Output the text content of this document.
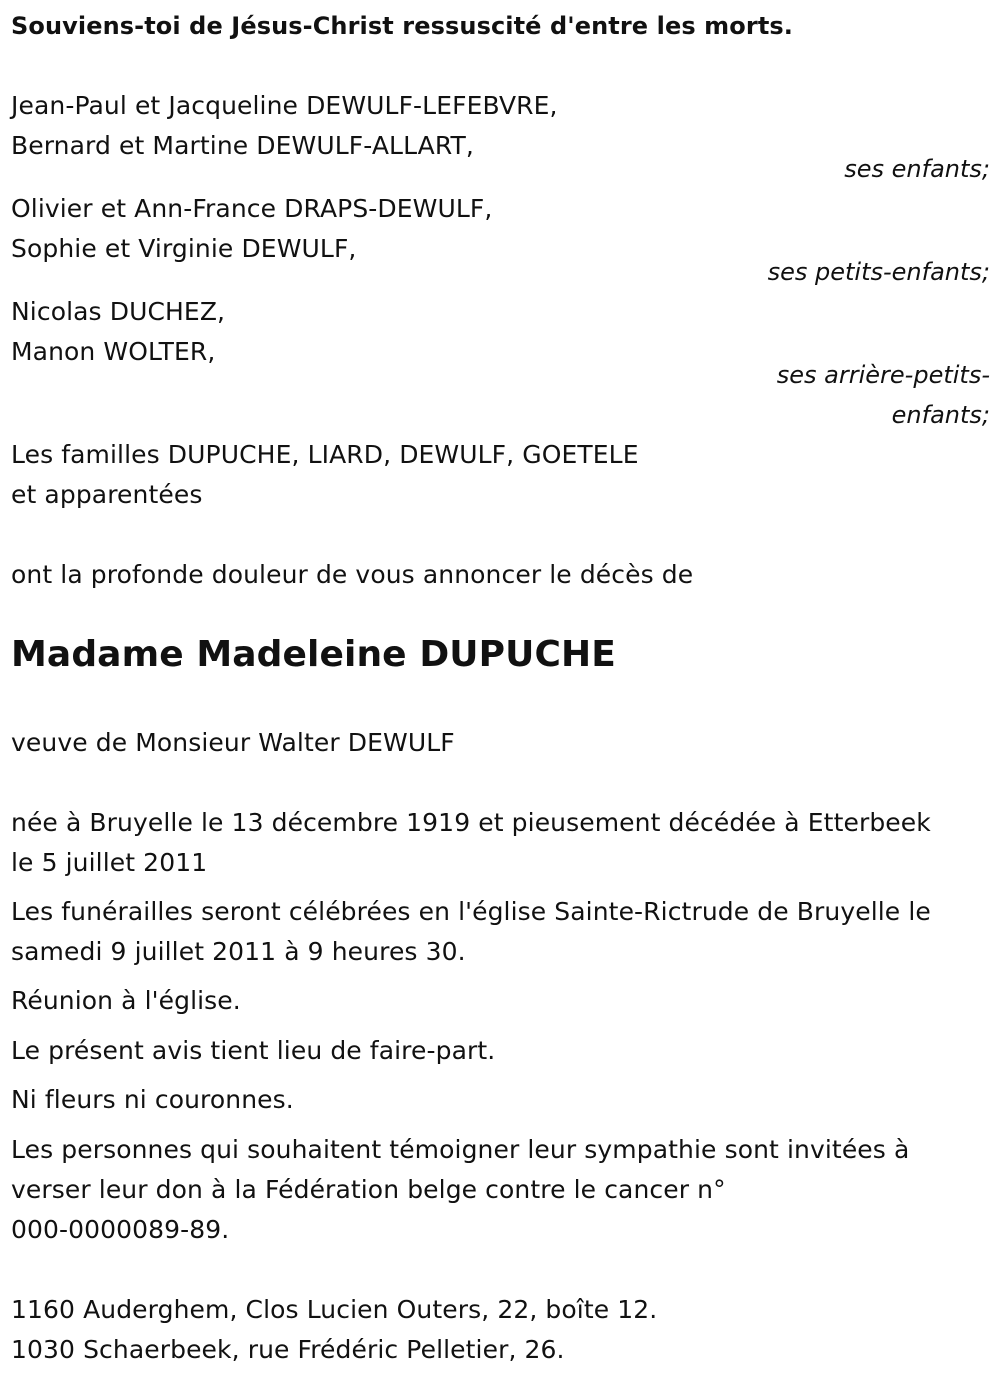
Souviens-toi de Jésus-Christ ressuscité d'entre les morts.
Jean-Paul et Jacqueline DEWULF-LEFEBVRE,
Bernard et Martine DEWULF-ALLART,
ses enfants;
Olivier et Ann-France DRAPS-DEWULF,
Sophie et Virginie DEWULF,
ses petits-enfants;
Nicolas DUCHEZ,
Manon WOLTER,
ses arrière-petits-
enfants;
Les familles DUPUCHE, LIARD, DEWULF, GOETELE
et apparentées
ont la profonde douleur de vous annoncer le décès de
Madame Madeleine DUPUCHE
veuve de Monsieur Walter DEWULF
née à Bruyelle le 13 décembre 1919 et pieusement décédée à Etterbeek
le 5 juillet 2011
Les funérailles seront célébrées en l'église Sainte-Rictrude de Bruyelle le
samedi 9 juillet 2011 à 9 heures 30.
Réunion à l'église.
Le présent avis tient lieu de faire-part.
Ni fleurs ni couronnes.
Les personnes qui souhaitent témoigner leur sympathie sont invitées à
verser leur don à la Fédération belge contre le cancer n°
000-0000089-89.
1160 Auderghem, Clos Lucien Outers, 22, boîte 12.
1030 Schaerbeek, rue Frédéric Pelletier, 26.
